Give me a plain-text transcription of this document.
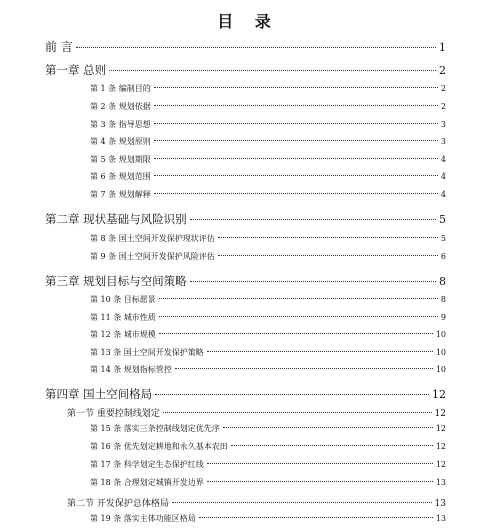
目 录
前 言	1
第一章 总则	2
第 1 条 编制目的	2
第 2 条 规划依据	2
第 3 条 指导思想	3
第 4 条 规划原则	3
第 5 条 规划期限	4
第 6 条 规划范围	4
第 7 条 规划解释	4
第二章 现状基础与风险识别	5
第 8 条 国土空间开发保护现状评估	5
第 9 条 国土空间开发保护风险评估	6
第三章 规划目标与空间策略	8
第 10 条 目标愿景	8
第 11 条 城市性质	9
第 12 条 城市规模	10
第 13 条 国土空间开发保护策略	10
第 14 条 规划指标管控	10
第四章 国土空间格局	12
第一节 重要控制线划定	12
第 15 条 落实三条控制线划定优先序	12
第 16 条 优先划定耕地和永久基本农田	12
第 17 条 科学划定生态保护红线	12
第 18 条 合理划定城镇开发边界	13
第二节 开发保护总体格局	13
第 19 条 落实主体功能区格局	13
